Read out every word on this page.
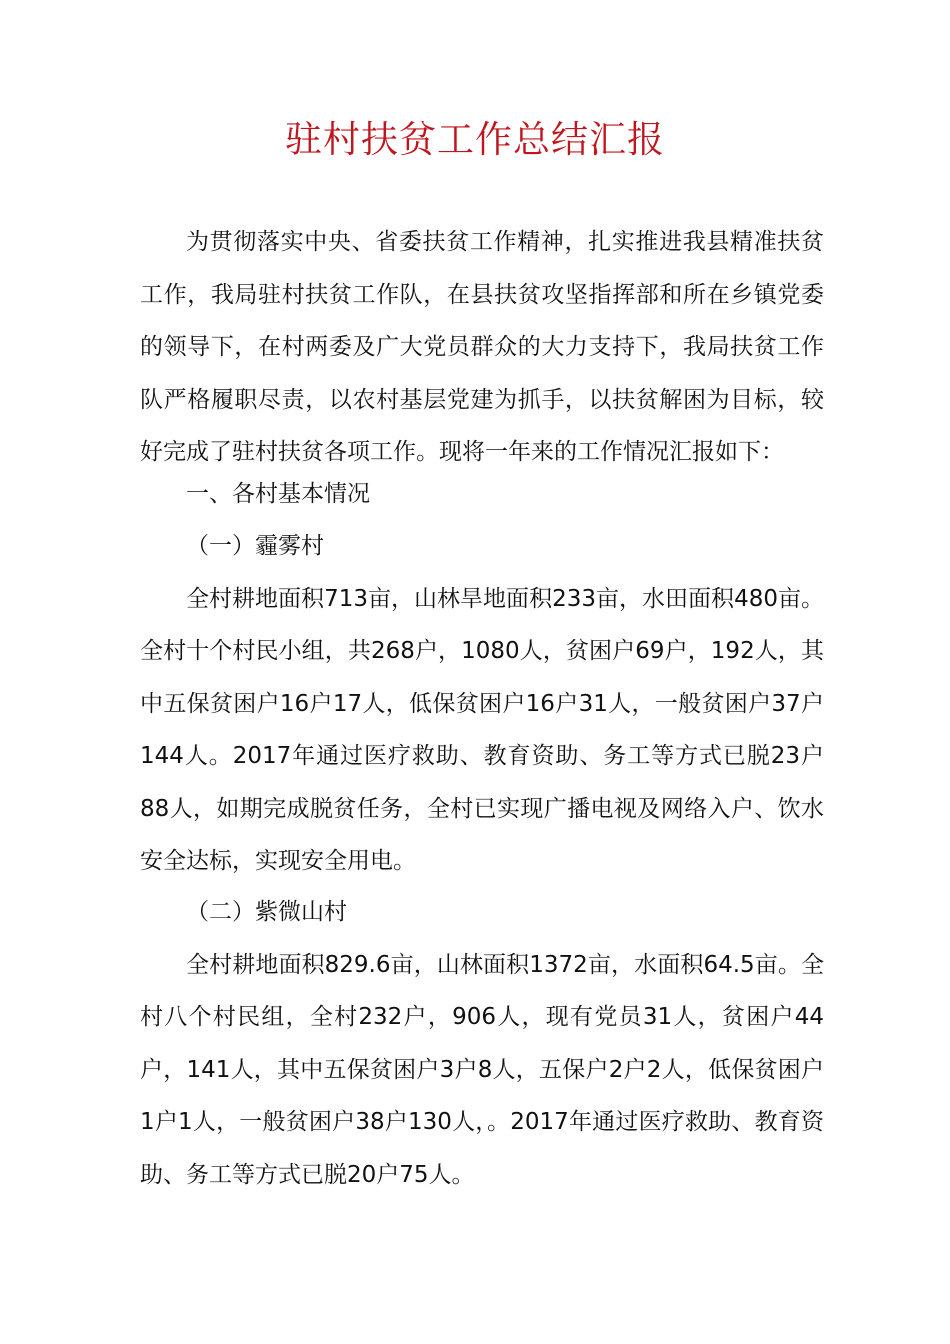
驻村扶贫工作总结汇报

为贯彻落实中央、省委扶贫工作精神，扎实推进我县精准扶贫工作，我局驻村扶贫工作队，在县扶贫攻坚指挥部和所在乡镇党委的领导下，在村两委及广大党员群众的大力支持下，我局扶贫工作队严格履职尽责，以农村基层党建为抓手，以扶贫解困为目标，较好完成了驻村扶贫各项工作。现将一年来的工作情况汇报如下：

一、各村基本情况

（一）霾雾村

全村耕地面积713亩，山林旱地面积233亩，水田面积480亩。全村十个村民小组，共268户，1080人，贫困户69户，192人，其中五保贫困户16户17人，低保贫困户16户31人，一般贫困户37户144人。2017年通过医疗救助、教育资助、务工等方式已脱23户88人，如期完成脱贫任务，全村已实现广播电视及网络入户、饮水安全达标，实现安全用电。

（二）紫微山村

全村耕地面积829.6亩，山林面积1372亩，水面积64.5亩。全村八个村民组，全村232户，906人，现有党员31人，贫困户44户，141人，其中五保贫困户3户8人，五保户2户2人，低保贫困户1户1人，一般贫困户38户130人，。2017年通过医疗救助、教育资助、务工等方式已脱20户75人。
